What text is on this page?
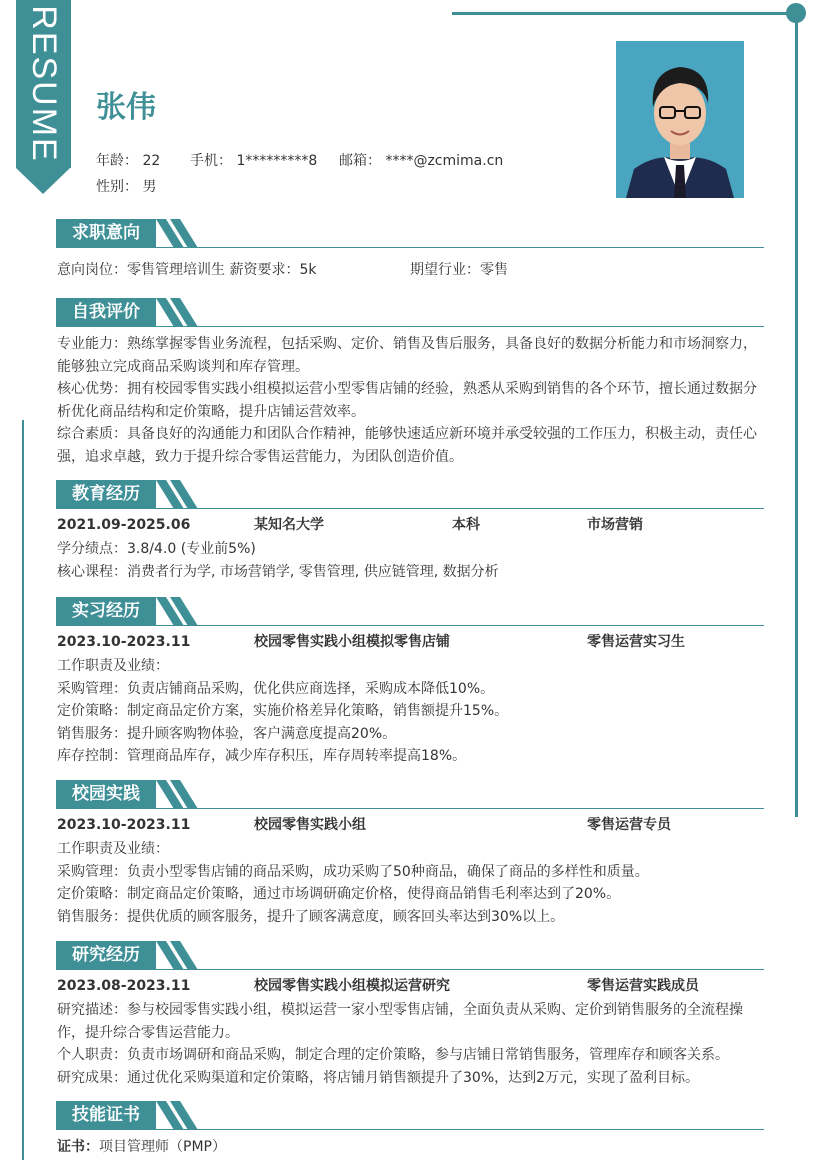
RESUME 张伟
年龄： 22 手机： 1*********8 邮箱： ****@zcmima.cn
性别： 男
求职意向
意向岗位：零售管理培训生 薪资要求：5k	期望行业：零售
自我评价
专业能力：熟练掌握零售业务流程，包括采购、定价、销售及售后服务，具备良好的数据分析能力和市场洞察力，
能够独立完成商品采购谈判和库存管理。
核心优势：拥有校园零售实践小组模拟运营小型零售店铺的经验，熟悉从采购到销售的各个环节，擅长通过数据分
析优化商品结构和定价策略，提升店铺运营效率。
综合素质：具备良好的沟通能力和团队合作精神，能够快速适应新环境并承受较强的工作压力，积极主动，责任心
强，追求卓越，致力于提升综合零售运营能力，为团队创造价值。
教育经历
2021.09-2025.06	某知名大学	本科	市场营销
学分绩点：3.8/4.0 (专业前5%)
核心课程：消费者行为学, 市场营销学, 零售管理, 供应链管理, 数据分析
实习经历
2023.10-2023.11	校园零售实践小组模拟零售店铺	零售运营实习生
工作职责及业绩：
采购管理：负责店铺商品采购，优化供应商选择，采购成本降低10%。
定价策略：制定商品定价方案，实施价格差异化策略，销售额提升15%。
销售服务：提升顾客购物体验，客户满意度提高20%。
库存控制：管理商品库存，减少库存积压，库存周转率提高18%。
校园实践
2023.10-2023.11	校园零售实践小组	零售运营专员
工作职责及业绩：
采购管理：负责小型零售店铺的商品采购，成功采购了50种商品，确保了商品的多样性和质量。
定价策略：制定商品定价策略，通过市场调研确定价格，使得商品销售毛利率达到了20%。
销售服务：提供优质的顾客服务，提升了顾客满意度，顾客回头率达到30%以上。
研究经历
2023.08-2023.11	校园零售实践小组模拟运营研究	零售运营实践成员
研究描述：参与校园零售实践小组，模拟运营一家小型零售店铺，全面负责从采购、定价到销售服务的全流程操
作，提升综合零售运营能力。
个人职责：负责市场调研和商品采购，制定合理的定价策略，参与店铺日常销售服务，管理库存和顾客关系。
研究成果：通过优化采购渠道和定价策略，将店铺月销售额提升了30%，达到2万元，实现了盈利目标。
技能证书
证书：项目管理师（PMP）
